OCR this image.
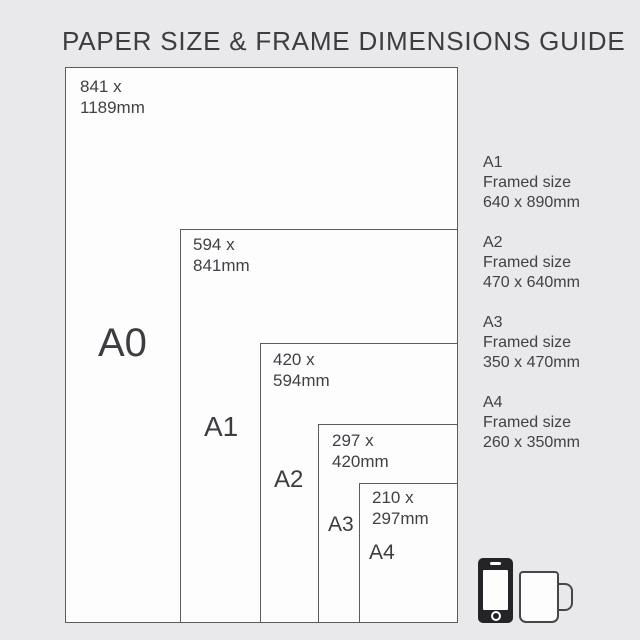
PAPER SIZE & FRAME DIMENSIONS GUIDE
841 x
1189mm
594 x
841mm
420 x
594mm
297 x
420mm
210 x
297mm
A0
A1
A2
A3
A4
A1
Framed size
640 x 890mm
A2
Framed size
470 x 640mm
A3
Framed size
350 x 470mm
A4
Framed size
260 x 350mm
